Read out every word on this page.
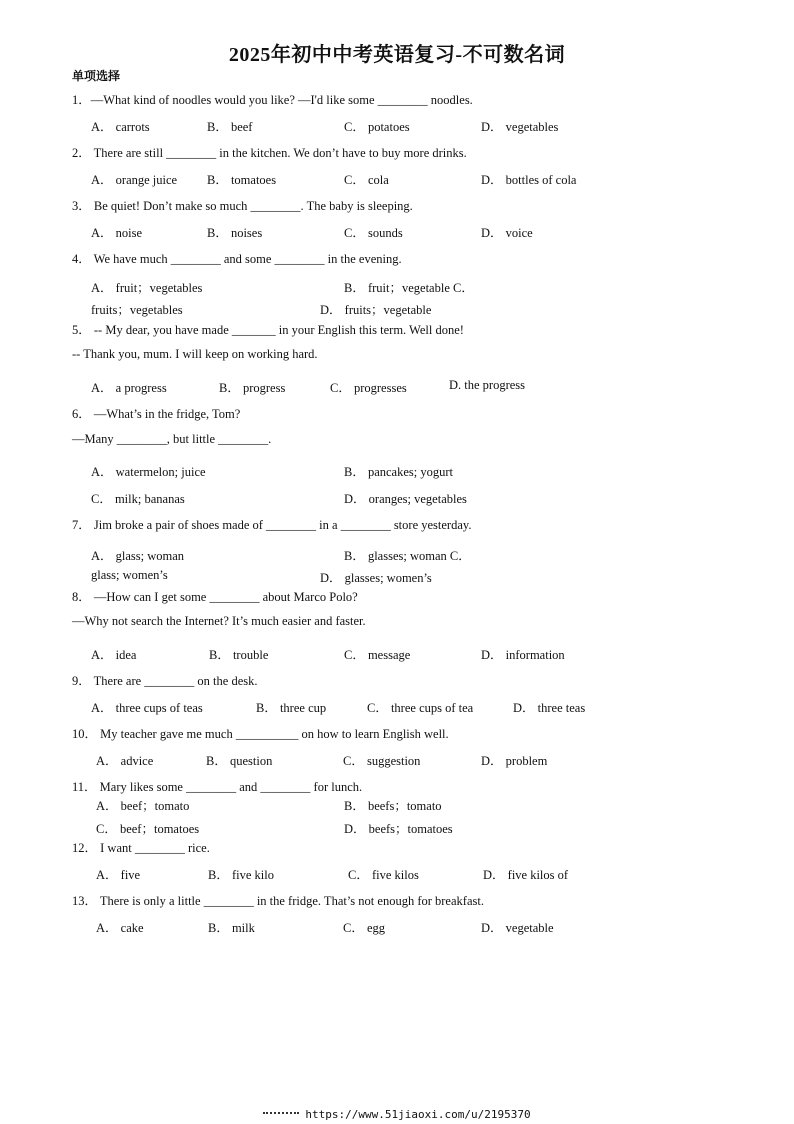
2025年初中中考英语复习-不可数名词
单项选择
1．—What kind of noodles would you like? —I'd like some ________ noodles.
A． carrots	B． beef	C． potatoes	D． vegetables
2． There are still ________ in the kitchen. We don’t have to buy more drinks.
A． orange juice B． tomatoes	C． cola	D． bottles of cola
3． Be quiet! Don’t make so much ________. The baby is sleeping.
A． noise	B． noises	C． sounds	D． voice
4． We have much ________ and some ________ in the evening.
A． fruit；vegetables	B． fruit；vegetable C．
fruits；vegetables	D． fruits；vegetable
5． -- My dear, you have made _______ in your English this term. Well done!
-- Thank you, mum. I will keep on working hard.
A． a progress	B． progress	C． progresses	D. the progress
6． —What’s in the fridge, Tom?
—Many ________, but little ________.
A． watermelon; juice	B． pancakes; yogurt
C． milk; bananas	D． oranges; vegetables
7． Jim broke a pair of shoes made of ________ in a ________ store yesterday.
A． glass; woman	B． glasses; woman C．
glass; women’s	D． glasses; women’s
8． —How can I get some ________ about Marco Polo?
—Why not search the Internet? It’s much easier and faster.
A． idea	B． trouble	C． message	D． information
9． There are ________ on the desk.
A． three cups of teas	B． three cup	C． three cups of tea	D． three teas
10． My teacher gave me much __________ on how to learn English well.
A． advice	B． question	C． suggestion	D． problem
11． Mary likes some ________ and ________ for lunch.
A． beef；tomato	B． beefs；tomato
C． beef；tomatoes	D． beefs；tomatoes
12． I want ________ rice.
A． five	B． five kilo	C． five kilos	D． five kilos of
13． There is only a little ________ in the fridge. That’s not enough for breakfast.
A． cake	B． milk	C． egg	D． vegetable
https://www.51jiaoxi.com/u/2195370
